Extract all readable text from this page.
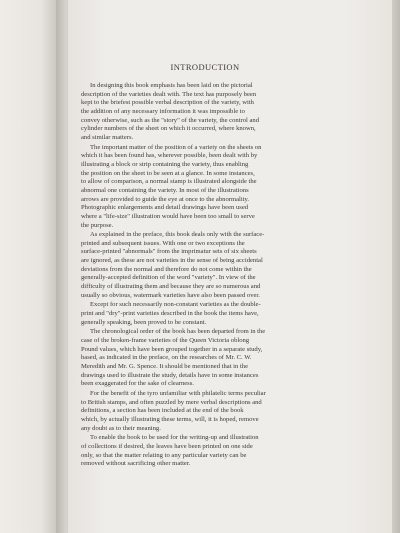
INTRODUCTION
In designing this book emphasis has been laid on the pictorial
description of the varieties dealt with. The text has purposely been
kept to the briefest possible verbal description of the variety, with
the addition of any necessary information it was impossible to
convey otherwise, such as the "story" of the variety, the control and
cylinder numbers of the sheet on which it occurred, where known,
and similar matters.
The important matter of the position of a variety on the sheets on
which it has been found has, wherever possible, been dealt with by
illustrating a block or strip containing the variety, thus enabling
the position on the sheet to be seen at a glance. In some instances,
to allow of comparison, a normal stamp is illustrated alongside the
abnormal one containing the variety. In most of the illustrations
arrows are provided to guide the eye at once to the abnormality.
Photographic enlargements and detail drawings have been used
where a "life-size" illustration would have been too small to serve
the purpose.
As explained in the preface, this book deals only with the surface-
printed and subsequent issues. With one or two exceptions the
surface-printed "abnormals" from the imprimatur sets of six sheets
are ignored, as these are not varieties in the sense of being accidental
deviations from the normal and therefore do not come within the
generally-accepted definition of the word "variety". In view of the
difficulty of illustrating them and because they are so numerous and
usually so obvious, watermark varieties have also been passed over.
Except for such necessarily non-constant varieties as the double-
print and "dry"-print varieties described in the book the items have,
generally speaking, been proved to be constant.
The chronological order of the book has been departed from in the
case of the broken-frame varieties of the Queen Victoria oblong
Pound values, which have been grouped together in a separate study,
based, as indicated in the preface, on the researches of Mr. C. W.
Meredith and Mr. G. Spence. It should be mentioned that in the
drawings used to illustrate the study, details have in some instances
been exaggerated for the sake of clearness.
For the benefit of the tyro unfamiliar with philatelic terms peculiar
to British stamps, and often puzzled by mere verbal descriptions and
definitions, a section has been included at the end of the book
which, by actually illustrating these terms, will, it is hoped, remove
any doubt as to their meaning.
To enable the book to be used for the writing-up and illustration
of collections if desired, the leaves have been printed on one side
only, so that the matter relating to any particular variety can be
removed without sacrificing other matter.
